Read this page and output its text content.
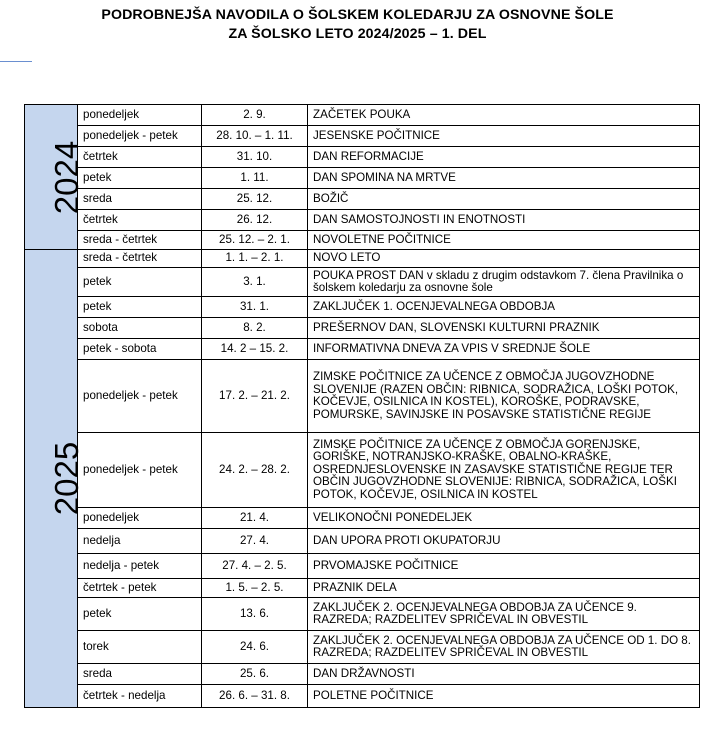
PODROBNEJŠA NAVODILA O ŠOLSKEM KOLEDARJU ZA OSNOVNE ŠOLE
ZA ŠOLSKO LETO 2024/2025 – 1. DEL
2024	ponedeljek	2. 9.	ZAČETEK POUKA
	ponedeljek - petek	28. 10. – 1. 11.	JESENSKE POČITNICE
	četrtek	31. 10.	DAN REFORMACIJE
	petek	1. 11.	DAN SPOMINA NA MRTVE
	sreda	25. 12.	BOŽIČ
	četrtek	26. 12.	DAN SAMOSTOJNOSTI IN ENOTNOSTI
	sreda - četrtek	25. 12. – 2. 1.	NOVOLETNE POČITNICE
2025	sreda - četrtek	1. 1. – 2. 1.	NOVO LETO
	petek	3. 1.	POUKA PROST DAN v skladu z drugim odstavkom 7. člena Pravilnika o šolskem koledarju za osnovne šole
	petek	31. 1.	ZAKLJUČEK 1. OCENJEVALNEGA OBDOBJA
	sobota	8. 2.	PREŠERNOV DAN, SLOVENSKI KULTURNI PRAZNIK
	petek - sobota	14. 2 – 15. 2.	INFORMATIVNA DNEVA ZA VPIS V SREDNJE ŠOLE
	ponedeljek - petek	17. 2. – 21. 2.	ZIMSKE POČITNICE ZA UČENCE Z OBMOČJA JUGOVZHODNE SLOVENIJE (RAZEN OBČIN: RIBNICA, SODRAŽICA, LOŠKI POTOK, KOČEVJE, OSILNICA IN KOSTEL), KOROŠKE, PODRAVSKE, POMURSKE, SAVINJSKE IN POSAVSKE STATISTIČNE REGIJE
	ponedeljek - petek	24. 2. – 28. 2.	ZIMSKE POČITNICE ZA UČENCE Z OBMOČJA GORENJSKE, GORIŠKE, NOTRANJSKO-KRAŠKE, OBALNO-KRAŠKE, OSREDNJESLOVENSKE IN ZASAVSKE STATISTIČNE REGIJE TER OBČIN JUGOVZHODNE SLOVENIJE: RIBNICA, SODRAŽICA, LOŠKI POTOK, KOČEVJE, OSILNICA IN KOSTEL
	ponedeljek	21. 4.	VELIKONOČNI PONEDELJEK
	nedelja	27. 4.	DAN UPORA PROTI OKUPATORJU
	nedelja - petek	27. 4. – 2. 5.	PRVOMAJSKE POČITNICE
	četrtek - petek	1. 5. – 2. 5.	PRAZNIK DELA
	petek	13. 6.	ZAKLJUČEK 2. OCENJEVALNEGA OBDOBJA ZA UČENCE 9. RAZREDA; RAZDELITEV SPRIČEVAL IN OBVESTIL
	torek	24. 6.	ZAKLJUČEK 2. OCENJEVALNEGA OBDOBJA ZA UČENCE OD 1. DO 8. RAZREDA; RAZDELITEV SPRIČEVAL IN OBVESTIL
	sreda	25. 6.	DAN DRŽAVNOSTI
	četrtek - nedelja	26. 6. – 31. 8.	POLETNE POČITNICE
